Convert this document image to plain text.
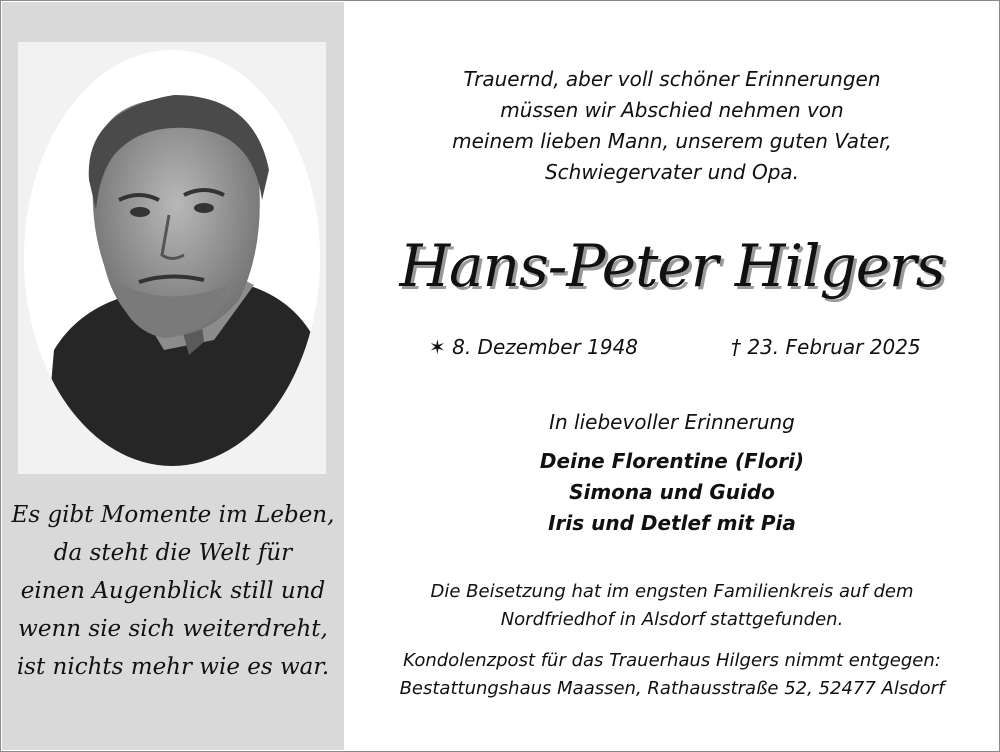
Es gibt Momente im Leben,
da steht die Welt für
einen Augenblick still und
wenn sie sich weiterdreht,
ist nichts mehr wie es war.
Trauernd, aber voll schöner Erinnerungen
müssen wir Abschied nehmen von
meinem lieben Mann, unserem guten Vater,
Schwiegervater und Opa.
Hans-Peter Hilgers
✶ 8. Dezember 1948	† 23. Februar 2025
In liebevoller Erinnerung
Deine Florentine (Flori)
Simona und Guido
Iris und Detlef mit Pia
Die Beisetzung hat im engsten Familienkreis auf dem
Nordfriedhof in Alsdorf stattgefunden.
Kondolenzpost für das Trauerhaus Hilgers nimmt entgegen:
Bestattungshaus Maassen, Rathausstraße 52, 52477 Alsdorf
